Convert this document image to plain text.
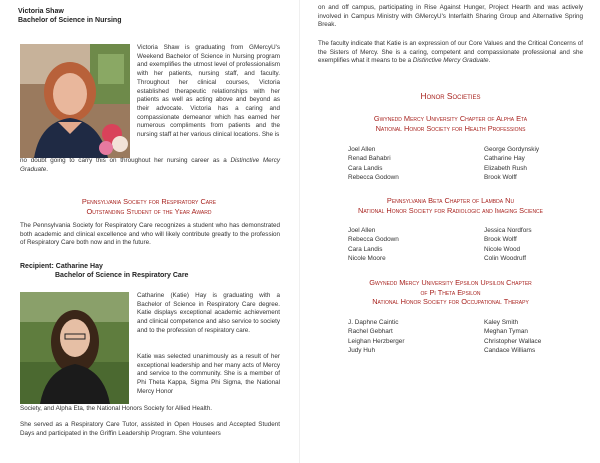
Victoria Shaw
Bachelor of Science in Nursing

Victoria Shaw is graduating from GMercyU's Weekend Bachelor of Science in Nursing program and exemplifies the utmost level of professionalism with her patients, nursing staff, and faculty. Throughout her clinical courses, Victoria established therapeutic relationships with her patients as well as acting above and beyond as their advocate. Victoria has a caring and compassionate demeanor which has earned her numerous compliments from patients and the nursing staff at her various clinical locations. She is

no doubt going to carry this on throughout her nursing career as a Distinctive Mercy Graduate.

Pennsylvania Society for Respiratory Care
Outstanding Student of the Year Award

The Pennsylvania Society for Respiratory Care recognizes a student who has demonstrated both academic and clinical excellence and who will likely contribute greatly to the profession of Respiratory Care both now and in the future.

Recipient: Catharine Hay
Bachelor of Science in Respiratory Care

Catharine (Katie) Hay is graduating with a Bachelor of Science in Respiratory Care degree. Katie displays exceptional academic achievement and clinical competence and also service to society and to the profession of respiratory care.

Katie was selected unanimously as a result of her exceptional leadership and her many acts of Mercy and service to the community. She is a member of Phi Theta Kappa, Sigma Phi Sigma, the National Mercy Honor

Society, and Alpha Eta, the National Honors Society for Allied Health.

She served as a Respiratory Care Tutor, assisted in Open Houses and Accepted Student Days and participated in the Griffin Leadership Program. She volunteers

on and off campus, participating in Rise Against Hunger, Project Hearth and was actively involved in Campus Ministry with GMercyU's Interfaith Sharing Group and Alternative Spring Break.

The faculty indicate that Katie is an expression of our Core Values and the Critical Concerns of the Sisters of Mercy. She is a caring, competent and compassionate professional and she exemplifies what it means to be a Distinctive Mercy Graduate.

Honor Societies
Gwynedd Mercy University Chapter of Alpha Eta
National Honor Society for Health Professions
Joel Allen
Renad Bahabri
Cara Landis
Rebecca Godown
George Gordynskiy
Catharine Hay
Elizabeth Rush
Brook Wolff
Pennsylvania Beta Chapter of Lambda Nu
National Honor Society for Radiologic and Imaging Science
Joel Allen
Rebecca Godown
Cara Landis
Nicole Moore
Jessica Nordfors
Brook Wolff
Nicole Wood
Colin Woodruff
Gwynedd Mercy University Epsilon Upsilon Chapter
of Pi Theta Epsilon
National Honor Society for Occupational Therapy
J. Daphne Caintic
Rachel Gebhart
Leighan Herzberger
Judy Huh
Kaley Smith
Meghan Tyman
Christopher Wallace
Candace Williams
